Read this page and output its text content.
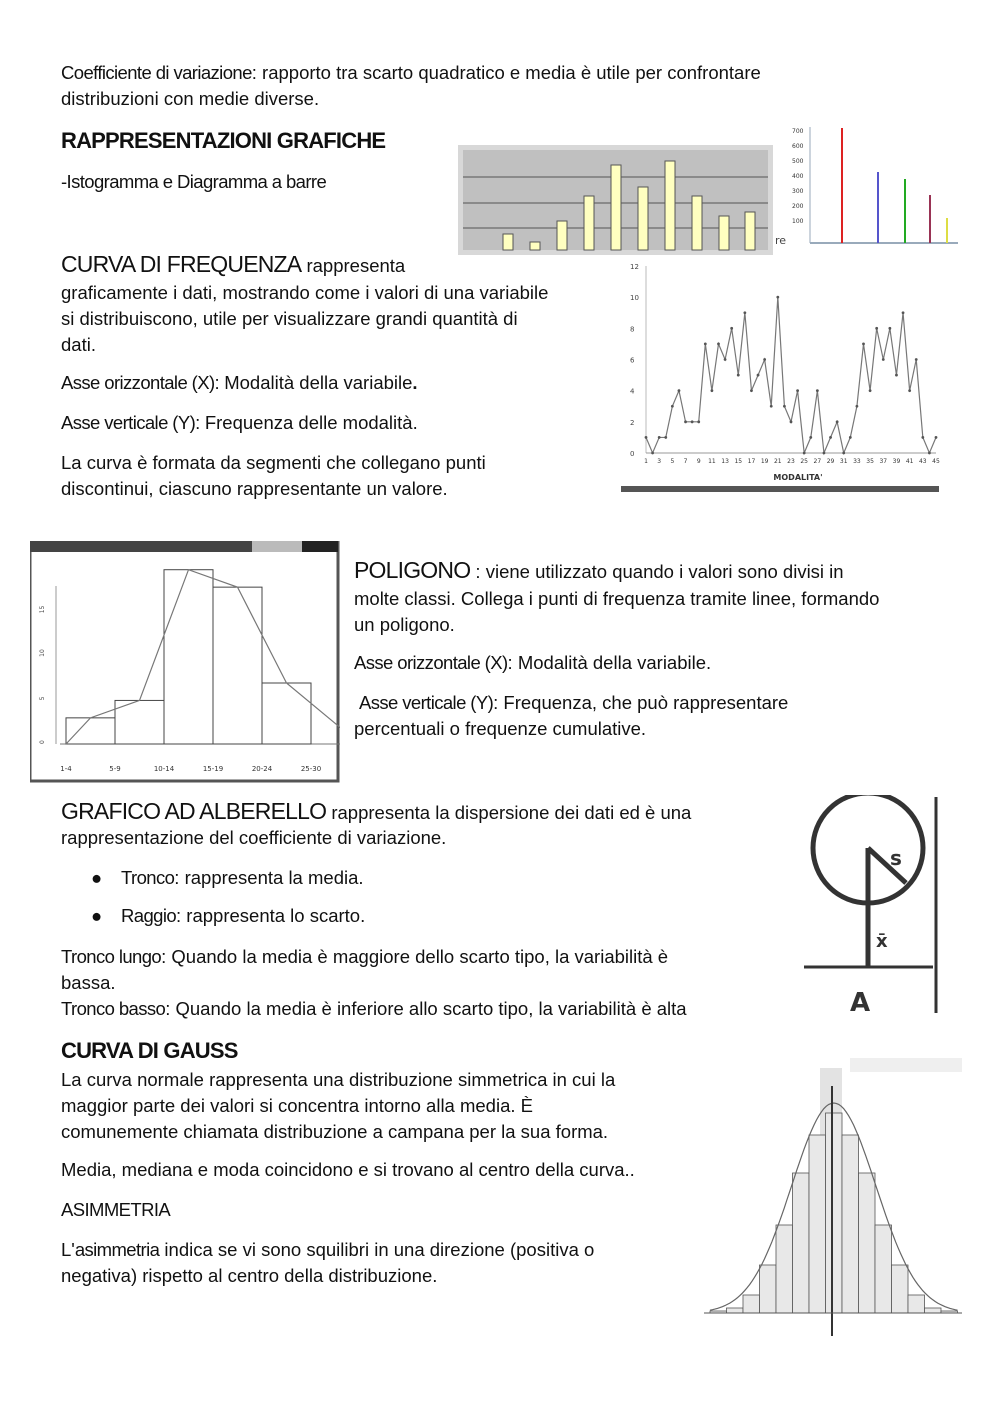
Coefficiente di variazione: rapporto tra scarto quadratico e media è utile per confrontare

distribuzioni con medie diverse.

RAPPRESENTAZIONI GRAFICHE

-Istogramma e Diagramma a barre

re
700
600
500
400
300
200
100

CURVA DI FREQUENZA rappresenta

graficamente i dati, mostrando come i valori di una variabile

si distribuiscono, utile per visualizzare grandi quantità di

dati.

Asse orizzontale (X): Modalità della variabile.

Asse verticale (Y): Frequenza delle modalità.

La curva è formata da segmenti che collegano punti

discontinui, ciascuno rappresentante un valore.

0
2
4
6
8
10
12
1 3 5 7 9 11 13 15 17 19 21 23 25 27 29 31 33 35 37 39 41 43 45
MODALITA'
0
5
10
15
1-4	5-9	10-14	15-19	20-24	25-30

POLIGONO : viene utilizzato quando i valori sono divisi in

molte classi. Collega i punti di frequenza tramite linee, formando

un poligono.

Asse orizzontale (X): Modalità della variabile.

Asse verticale (Y): Frequenza, che può rappresentare

percentuali o frequenze cumulative.

GRAFICO AD ALBERELLO rappresenta la dispersione dei dati ed è una

rappresentazione del coefficiente di variazione.

● Tronco: rappresenta la media.
● Raggio: rappresenta lo scarto.

Tronco lungo: Quando la media è maggiore dello scarto tipo, la variabilità è

bassa.

Tronco basso: Quando la media è inferiore allo scarto tipo, la variabilità è alta

s
x̄
A
CURVA DI GAUSS

La curva normale rappresenta una distribuzione simmetrica in cui la

maggior parte dei valori si concentra intorno alla media. È

comunemente chiamata distribuzione a campana per la sua forma.

Media, mediana e moda coincidono e si trovano al centro della curva..

ASIMMETRIA

L'asimmetria indica se vi sono squilibri in una direzione (positiva o

negativa) rispetto al centro della distribuzione.
